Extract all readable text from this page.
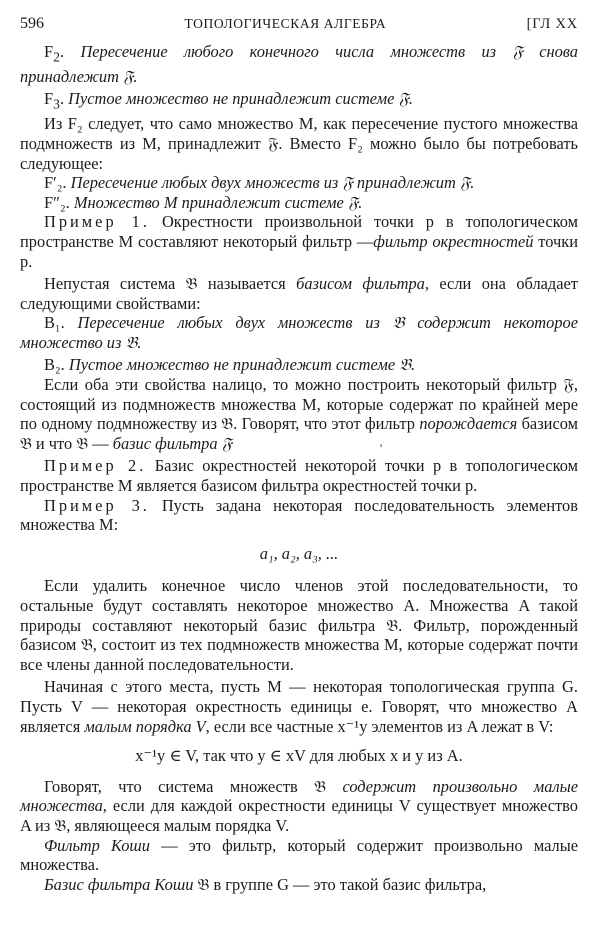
596	ТОПОЛОГИЧЕСКАЯ АЛГЕБРА	[ГЛ XX

$F_2$. Пересечение любого конечного числа множеств из 𝔉 снова принадлежит 𝔉.

$F_3$. Пустое множество не принадлежит системе 𝔉.

Из F₂ следует, что само множество M, как пересечение пустого множества подмножеств из M, принадлежит 𝔉. Вместо F₂ можно было бы потребовать следующее:

F′₂. Пересечение любых двух множеств из 𝔉 принадлежит 𝔉.

F″₂. Множество M принадлежит системе 𝔉.

Пример 1. Окрестности произвольной точки p в топологическом пространстве M составляют некоторый фильтр —фильтр окрестностей точки p.

Непустая система 𝔅 называется базисом фильтра, если она обладает следующими свойствами:

B₁. Пересечение любых двух множеств из 𝔅 содержит некоторое множество из 𝔅.

B₂. Пустое множество не принадлежит системе 𝔅.

Если оба эти свойства налицо, то можно построить некоторый фильтр 𝔉, состоящий из подмножеств множества M, которые содержат по крайней мере по одному подмножеству из 𝔅. Говорят, что этот фильтр порождается базисом 𝔅 и что 𝔅 — базис фильтра 𝔉

Пример 2. Базис окрестностей некоторой точки p в топологическом пространстве M является базисом фильтра окрестностей точки p.

Пример 3. Пусть задана некоторая последовательность элементов множества M:

a₁, a₂, a₃, ...

Если удалить конечное число членов этой последовательности, то остальные будут составлять некоторое множество A. Множества A такой природы составляют некоторый базис фильтра 𝔅. Фильтр, порожденный базисом 𝔅, состоит из тех подмножеств множества M, которые содержат почти все члены данной последовательности.

Начиная с этого места, пусть M — некоторая топологическая группа G. Пусть V — некоторая окрестность единицы e. Говорят, что множество A является малым порядка V, если все частные x⁻¹y элементов из A лежат в V:

x⁻¹y ∈ V, так что y ∈ xV для любых x и y из A.

Говорят, что система множеств 𝔅 содержит произвольно малые множества, если для каждой окрестности единицы V существует множество A из 𝔅, являющееся малым порядка V.

Фильтр Коши — это фильтр, который содержит произвольно малые множества.

Базис фильтра Коши 𝔅 в группе G — это такой базис фильтра,

'
